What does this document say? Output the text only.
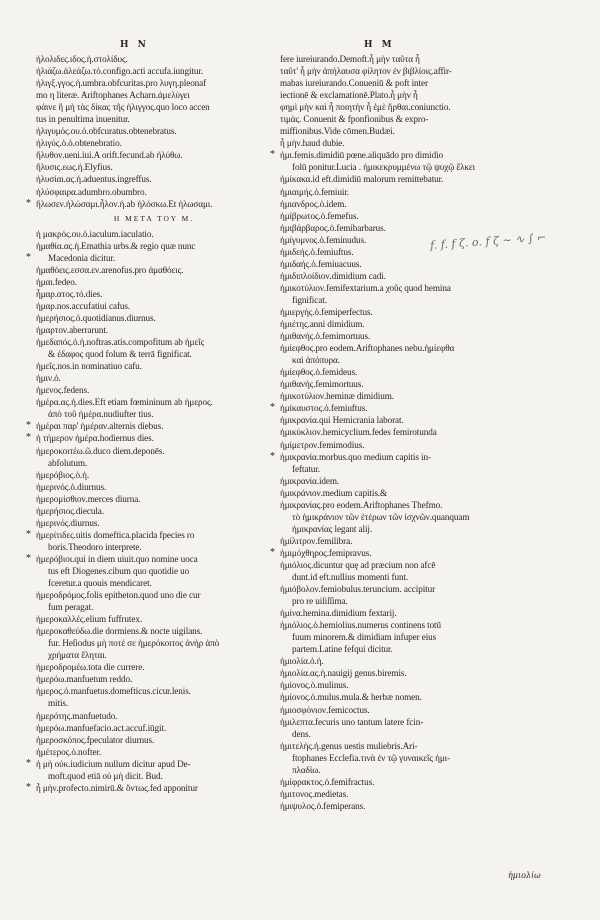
H N	H M
ἠλολιδες.ιδος.ἡ.στολίδυς.
ἠλιάζω.ἀλεάζω.τὸ.configo.acti accufa.iungitur.
ἠλιγξ.γγος.ἡ.umbra.obfcuritas.pro λυγη.pleonaf
mo η literæ. Ariftophanes Acharn.ἀμελύγει
φάινε ἢ μὴ τὰς δίκας τῆς ἠλιγγος.quo loco accen
tus in penultima inuenitur.
ἠλιγυμός.ου.ὁ.obfcuratus.obtenebratus.
ἠλιγύς.ὁ.ὁ.obtenebratio.
ἤλυθον.ueni.iui.A orift.fecund.ab ἠλύθω.
ἤλυσις.εως.ἡ.Elyfius.
ἠλυσίαι.ας.ἡ.aduentus.ingreffus.
ἠλύσφαιρα.adumbro.obumbro.
* ἤλωσεν.ἡλώσαμι.ἧλον.ἡ.ab ἠλόσκω.Et ἠλωσαμι.
Η ΜΕΤΑ ΤΟΥ Μ.
ἡ μακρός.ου.ὁ.iaculum.iaculatio.
ἠμαθία.ας.ἡ.Emathia urbs.& regio quæ nunc
* Macedonia dicitur.
ἠμαθόεις.εσσα.εν.arenofus.pro ἀμαθόεις.
ἠμαι.fedeo.
ἦμαρ.ατος.τό.dies.
ἠμαρ.nos.accufatiui cafus.
ἡμερήσιος.ὁ.quotidianus.diurnus.
ἡμαρτον.aberrarunt.
ἡμεδαπός.ὁ.ἡ.noftras.atis.compofitum ab ἡμεῖς
& ἐδαφος quod folum & terrā fignificat.
ἡμεῖς.nos.in nominatiuo cafu.
ἡμιν.ὁ.
ἡμενος.fedens.
ἡμέρα.ας.ἡ.dies.Eft etiam fœmininum ab ἡμερος.
ἀπὸ τοῦ ἡμέρα.nudiufter tius.
* ἡμέραι παρ' ἡμέραν.alternis diebus.
* ἡ τήμερον ἡμέρα.hodiernus dies.
ἡμεροκοιτέω.ῶ.duco diem.deponēs.
abfolutum.
ἡμερόβιος.ὁ.ἡ.
ἡμερινός.ὁ.diurnus.
ἡμερομίσθιον.merces diurna.
ἡμερήσιος.diecula.
ἡμερινός.diurnus.
* ἡμερίτιδες.uitis domeftica.placida fpecies ro
boris.Theodoro interprete.
* ἡμερόβιοι.qui in diem uiuit.quo nomine uoca
tus eft Diogenes.cibum quo quotidie uo
fceretur.a quouis mendicaret.
ἡμεροδρόμος.folis epitheton.quod uno die cur
fum peragat.
ἡμεροκαλλές.elium fuffrutex.
ἡμεροκαθεύδω.die dormiens.& nocte uigilans.
fur. Heſiodus μὴ ποτέ σε ἡμερόκοιτος ἀνὴρ ἀπὸ
χρήματα ἕληται.
ἡμεροδρομέω.tota die currere.
ἡμερόω.manfuetum reddo.
ἡμερος.ὁ.manfuetus.domefticus.cicur.lenis.
mitis.
ἡμερότης.manfuetudo.
ἡμερόω.manfuefacio.act.accuf.iūgit.
ἡμεροσκόπος.fpeculator diurnus.
ἡμέτερος.ὁ.nofter.
* ἡ μὴ οὐκ.iudicium nullum dicitur apud De-
moft.quod etiā οὐ μὴ dicit. Bud.
* ἦ μὴν.profecto.nimirū.& ὄντως.fed apponitur
fere iureiurando.Demoft.ἦ μὴν ταῦτα ἦ
ταῦτ' ἦ μὴν ἀπήλαυσα φίλητον ἐν βιβλίοις.affir-
mabas iureiurando.Conueniū & poft inter
iectionē & exclamationē.Plato.ἦ μὴν ἦ
φημὶ μὴν καὶ ἦ ποιητὴν ἦ ἐμὲ ἤρθαι.coniunctio.
τιμὰς. Conuenit & fponfionibus & expro-
miffionibus.Vide cōmen.Budæi.
ἦ μὴν.haud dubie.
* ἡμι.femis.dimidiū pœne.aliquādo pro dimidio
folū ponitur.Lucia . ἡμικεκρυμμένω τῷ ψυχῷ ἕλκει
ἡμίκακα.id eft.dimidiū malorum remittebatur.
ἡμιαιμής.ὁ.femiuir.
ἡμιανδρος.ὁ.idem.
ἡμίβρωτος.ὁ.femefus.
ἡμιβάρβαρος.ὁ.femibarbarus.
ἡμίγυμνος.ὁ.feminudus.
ἡμιδεής.ὁ.femiuftus.
ἡμιδαής.ὁ.femiuacuus.
ἡμιδιπλοίδιον.dimidium cadi.
ἡμικοτύλιον.femifextarium.a χοῦς quod hemina
fignificat.
ἡμιεργής.ὁ.femiperfectus.
ἡμιέτης.anni dimidium.
ἡμιθανής.ὁ.femimortuus.
ἡμίεφθος.pro eodem.Ariftophanes nebu.ἡμίεφθα
καὶ ἀπόπυρα.
ἡμίεφθος.ὁ.femideus.
ἡμιθανής.femimortuus.
ἡμικοτύλιον.heminæ dimidium.
* ἡμίκαυστος.ὁ.femiuftus.
ἡμικρανία.qui Hemicrania laborat.
ἡμικύκλιον.hemicyclium.fedes femirotunda
ἡμίμετρον.femimodius.
* ἡμικρανία.morbus.quo medium capitis in-
feftatur.
ἡμικρανία.idem.
ἡμικράνιον.medium capitis.&
ἡμικρανίας.pro eodem.Ariftophanes Thefmo.
τὸ ἡμικράνιον τῶν ἐτέρων τῶν ἰσχνῶν.quanquam
ἡμικρανίας legant alij.
ἡμίλιτρον.femilibra.
* ἡμιμόχθηρος.femipravus.
ἡμιόλιος.dicuntur quę ad præcium non afcē
dunt.id eft.nullius momenti funt.
ἡμιόβολον.femiobulus.teruncium. accipitur
pro re uiliſſima.
ἡμίνα.hemina.dimidium fextarij.
ἡμιόλιος.ὁ.hemiolius.numerus continens totū
fuum minorem.& dimidiam infuper eius
partem.Latine fefqui dicitur.
ἡμιολία.ὁ.ἡ.
ἡμιολία.ας.ἡ.nauigij genus.biremis.
ἡμίονος.ὁ.mulinus.
ἡμίονος.ὁ.mulus.mula.& herbæ nomen.
ἡμιοσφόνιον.femicoctus.
ἡμιλεπτα.fecuris uno tantum latere fcin-
dens.
ἡμιτελὴς.ἡ.genus uestis muliebris.Ari-
ftophanes Ecclefia.τινὰ ἐν τῷ γυναικεῖς ἡμι-
πλαδίω.
ἡμίφρακτος.ὁ.femifractus.
ἡμιτονος.medietas.
ἡμιψυλος.ὁ.femiperans.
f. f. f ζ. ο. f ζ ~ ∿ ∫ ⌐
ἡμιολίω
